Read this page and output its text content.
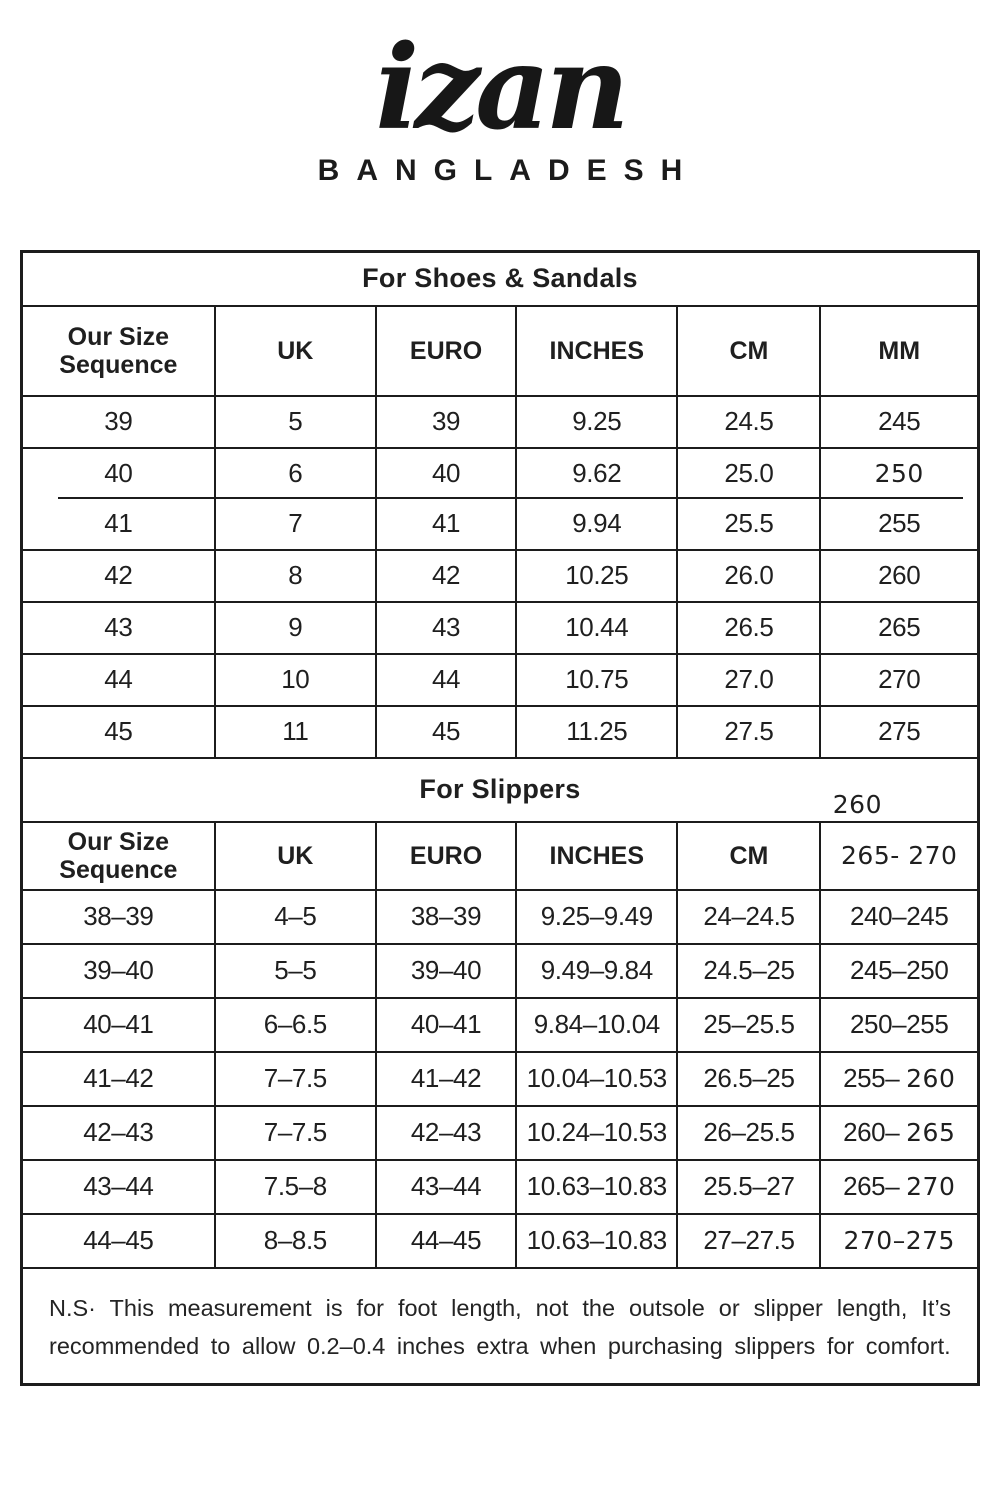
izan
BANGLADESH
For Shoes & Sandals
Our Size Sequence	UK	EURO	INCHES	CM	MM
39	5	39	9.25	24.5	245
40	6	40	9.62	25.0	250
41	7	41	9.94	25.5	255
42	8	42	10.25	26.0	260
43	9	43	10.44	26.5	265
44	10	44	10.75	27.0	270
45	11	45	11.25	27.5	275
For Slippers	260
Our Size Sequence	UK	EURO	INCHES	CM	265- 270
38–39	4–5	38–39	9.25–9.49	24–24.5	240–245
39–40	5–5	39–40	9.49–9.84	24.5–25	245–250
40–41	6–6.5	40–41	9.84–10.04	25–25.5	250–255
41–42	7–7.5	41–42	10.04–10.53	26.5–25	255– 260
42–43	7–7.5	42–43	10.24–10.53	26–25.5	260– 265
43–44	7.5–8	43–44	10.63–10.83	25.5–27	265– 270
44–45	8–8.5	44–45	10.63–10.83	27–27.5	270–275
N.S· This measurement is for foot length, not the outsole or slipper length, It’s recommended to allow 0.2–0.4 inches extra when purchasing slippers for comfort.
